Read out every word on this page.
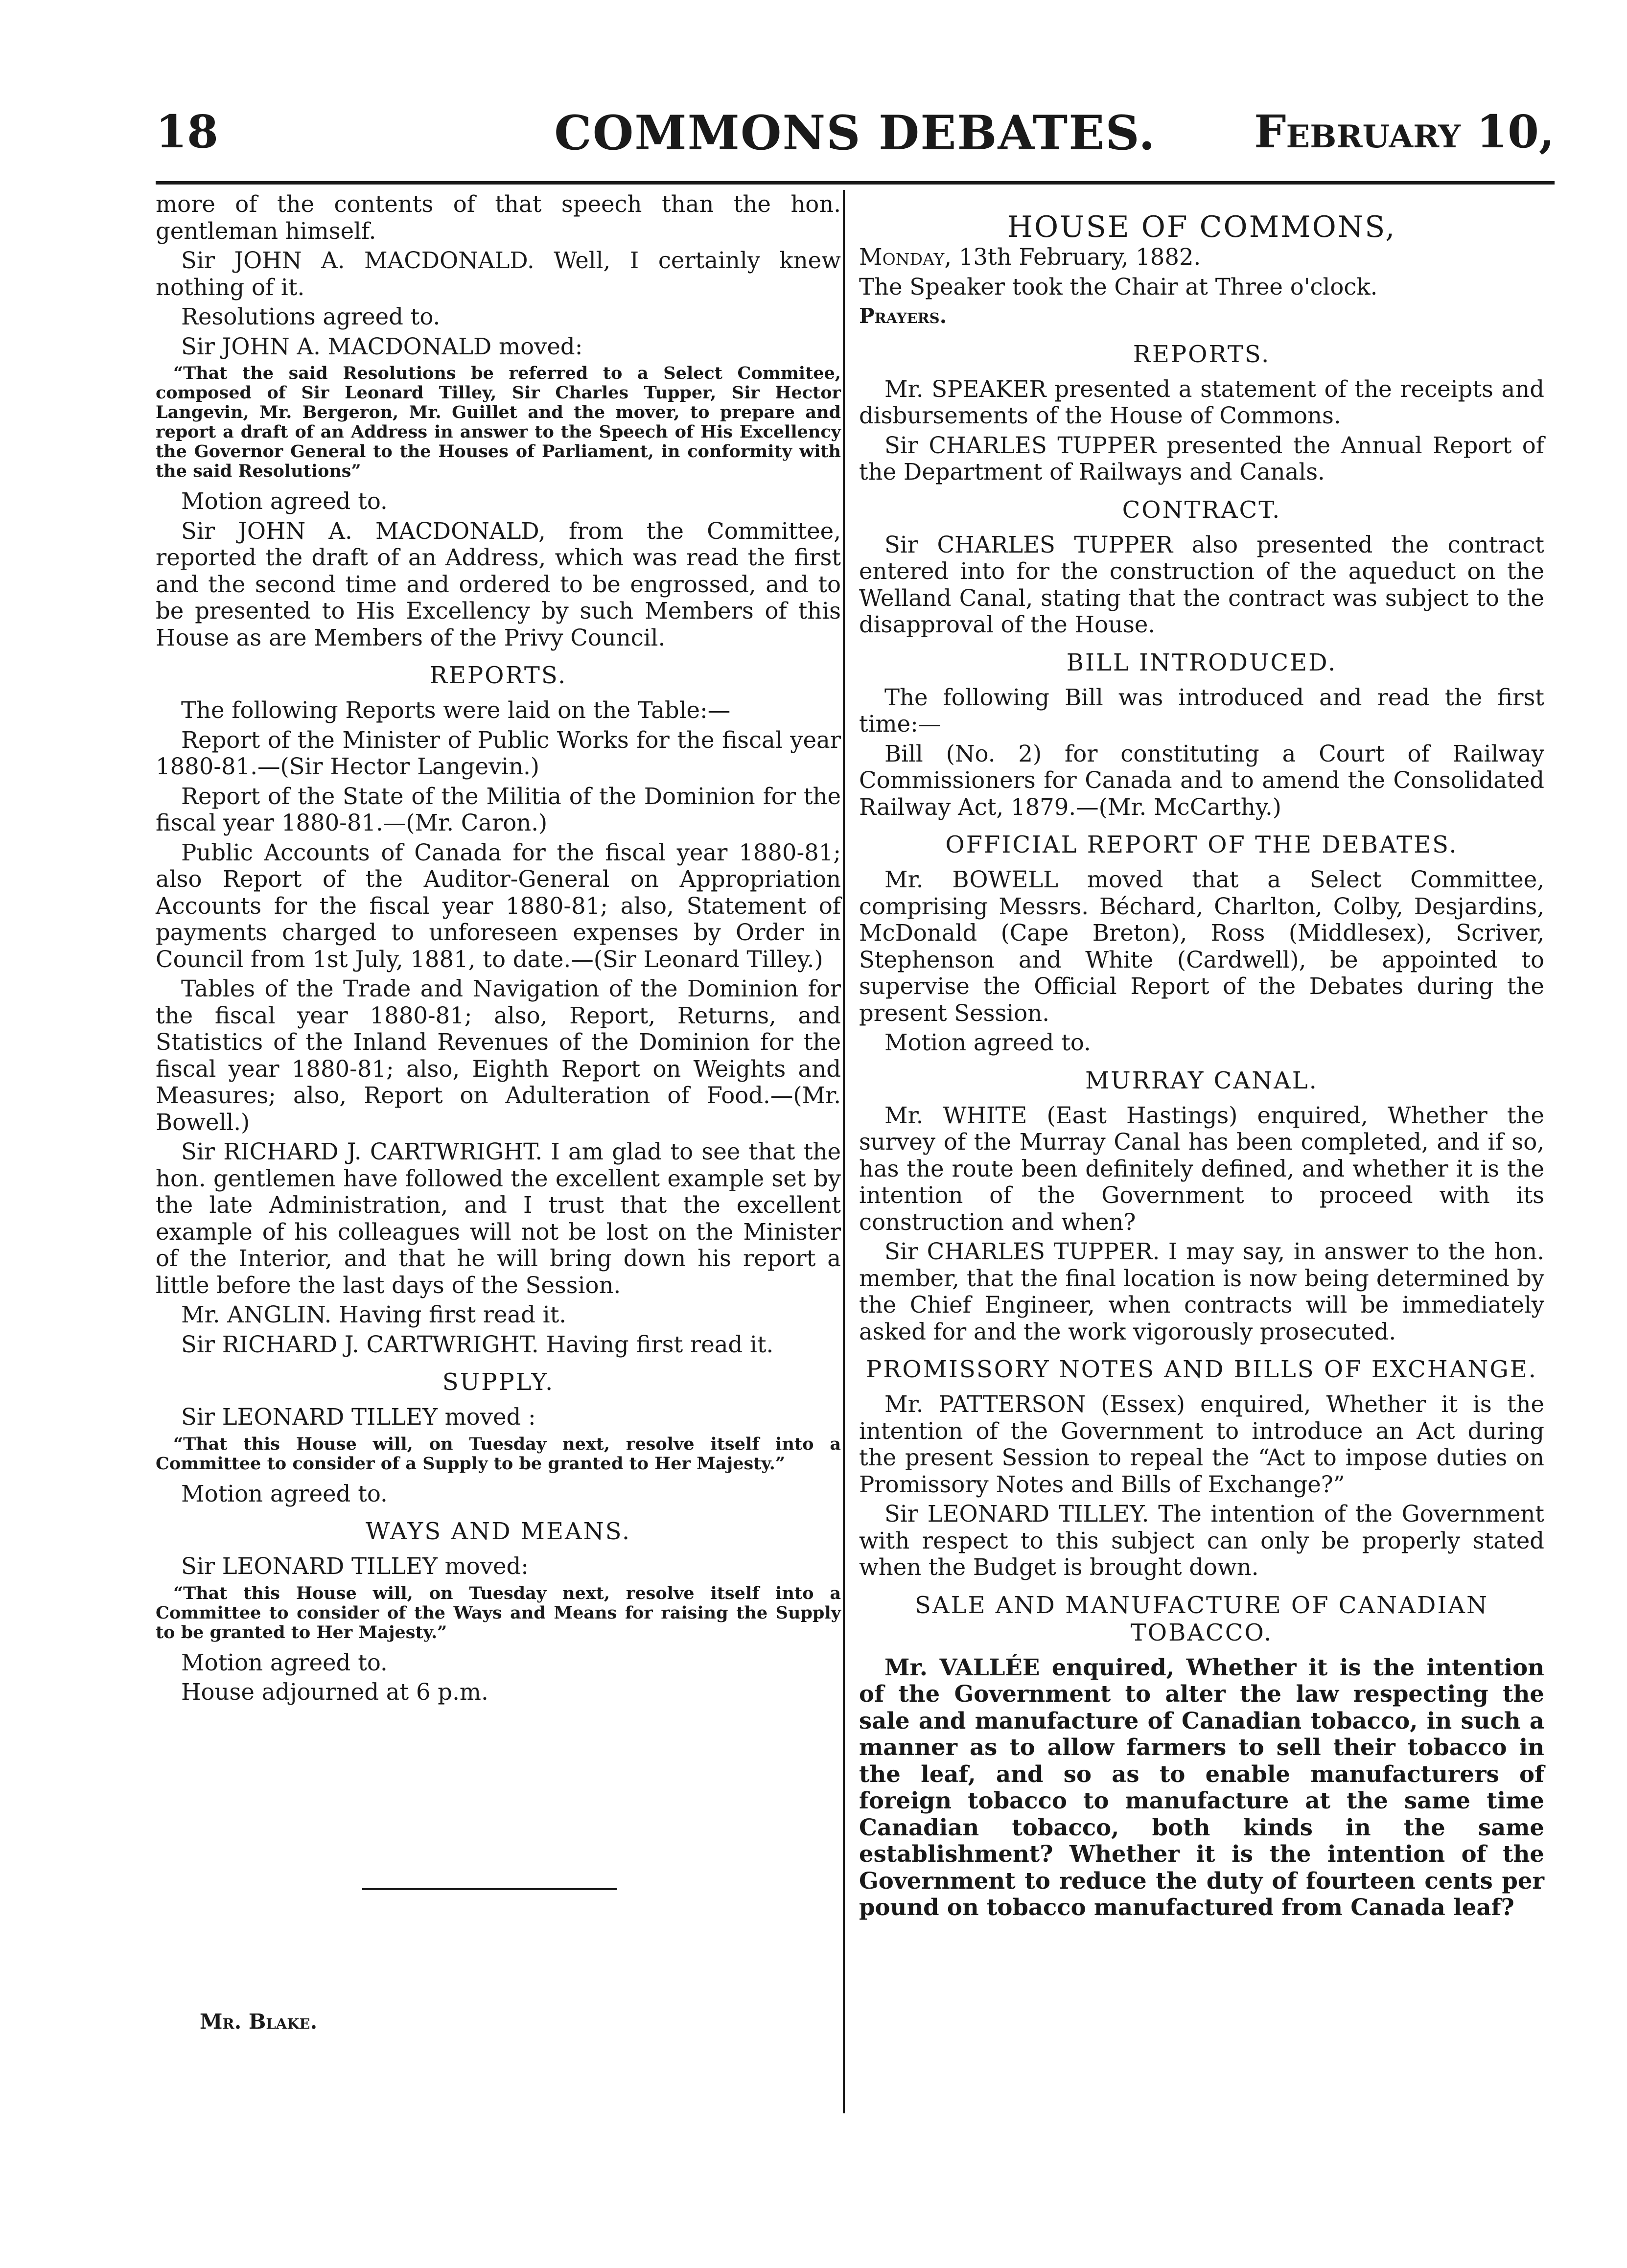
18	COMMONS DEBATES.	February 10,

more of the contents of that speech than the hon. gentleman himself.

Sir JOHN A. MACDONALD. Well, I certainly knew nothing of it.

Resolutions agreed to.

Sir JOHN A. MACDONALD moved:

“That the said Resolutions be referred to a Select Commitee, composed of Sir Leonard Tilley, Sir Charles Tupper, Sir Hector Langevin, Mr. Bergeron, Mr. Guillet and the mover, to prepare and report a draft of an Address in answer to the Speech of His Excellency the Governor General to the Houses of Parliament, in conformity with the said Resolutions”

Motion agreed to.

Sir JOHN A. MACDONALD, from the Committee, reported the draft of an Address, which was read the first and the second time and ordered to be engrossed, and to be presented to His Excellency by such Members of this House as are Members of the Privy Council.

REPORTS.

The following Reports were laid on the Table:—

Report of the Minister of Public Works for the fiscal year 1880-81.—(Sir Hector Langevin.)

Report of the State of the Militia of the Dominion for the fiscal year 1880-81.—(Mr. Caron.)

Public Accounts of Canada for the fiscal year 1880-81; also Report of the Auditor-General on Appropriation Accounts for the fiscal year 1880-81; also, Statement of payments charged to unforeseen expenses by Order in Council from 1st July, 1881, to date.—(Sir Leonard Tilley.)

Tables of the Trade and Navigation of the Dominion for the fiscal year 1880-81; also, Report, Returns, and Statistics of the Inland Revenues of the Dominion for the fiscal year 1880-81; also, Eighth Report on Weights and Measures; also, Report on Adulteration of Food.—(Mr. Bowell.)

Sir RICHARD J. CARTWRIGHT. I am glad to see that the hon. gentlemen have followed the excellent example set by the late Administration, and I trust that the excellent example of his colleagues will not be lost on the Minister of the Interior, and that he will bring down his report a little before the last days of the Session.

Mr. ANGLIN. Having first read it.

Sir RICHARD J. CARTWRIGHT. Having first read it.

SUPPLY.

Sir LEONARD TILLEY moved :

“That this House will, on Tuesday next, resolve itself into a Committee to consider of a Supply to be granted to Her Majesty.”

Motion agreed to.

WAYS AND MEANS.

Sir LEONARD TILLEY moved:

“That this House will, on Tuesday next, resolve itself into a Committee to consider of the Ways and Means for raising the Supply to be granted to Her Majesty.”

Motion agreed to.

House adjourned at 6 p.m.

Mr. Blake.
HOUSE OF COMMONS,

Monday, 13th February, 1882.

The Speaker took the Chair at Three o'clock.

Prayers.

REPORTS.

Mr. SPEAKER presented a statement of the receipts and disbursements of the House of Commons.

Sir CHARLES TUPPER presented the Annual Report of the Department of Railways and Canals.

CONTRACT.

Sir CHARLES TUPPER also presented the contract entered into for the construction of the aqueduct on the Welland Canal, stating that the contract was subject to the disapproval of the House.

BILL INTRODUCED.

The following Bill was introduced and read the first time:—

Bill (No. 2) for constituting a Court of Railway Commissioners for Canada and to amend the Consolidated Railway Act, 1879.—(Mr. McCarthy.)

OFFICIAL REPORT OF THE DEBATES.

Mr. BOWELL moved that a Select Committee, comprising Messrs. Béchard, Charlton, Colby, Desjardins, McDonald (Cape Breton), Ross (Middlesex), Scriver, Stephenson and White (Cardwell), be appointed to supervise the Official Report of the Debates during the present Session.

Motion agreed to.

MURRAY CANAL.

Mr. WHITE (East Hastings) enquired, Whether the survey of the Murray Canal has been completed, and if so, has the route been definitely defined, and whether it is the intention of the Government to proceed with its construction and when?

Sir CHARLES TUPPER. I may say, in answer to the hon. member, that the final location is now being determined by the Chief Engineer, when contracts will be immediately asked for and the work vigorously prosecuted.

PROMISSORY NOTES AND BILLS OF EXCHANGE.

Mr. PATTERSON (Essex) enquired, Whether it is the intention of the Government to introduce an Act during the present Session to repeal the “Act to impose duties on Promissory Notes and Bills of Exchange?”

Sir LEONARD TILLEY. The intention of the Government with respect to this subject can only be properly stated when the Budget is brought down.

SALE AND MANUFACTURE OF CANADIAN TOBACCO.

Mr. VALLÉE enquired, Whether it is the intention of the Government to alter the law respecting the sale and manufacture of Canadian tobacco, in such a manner as to allow farmers to sell their tobacco in the leaf, and so as to enable manufacturers of foreign tobacco to manufacture at the same time Canadian tobacco, both kinds in the same establishment? Whether it is the intention of the Government to reduce the duty of fourteen cents per pound on tobacco manufactured from Canada leaf?
